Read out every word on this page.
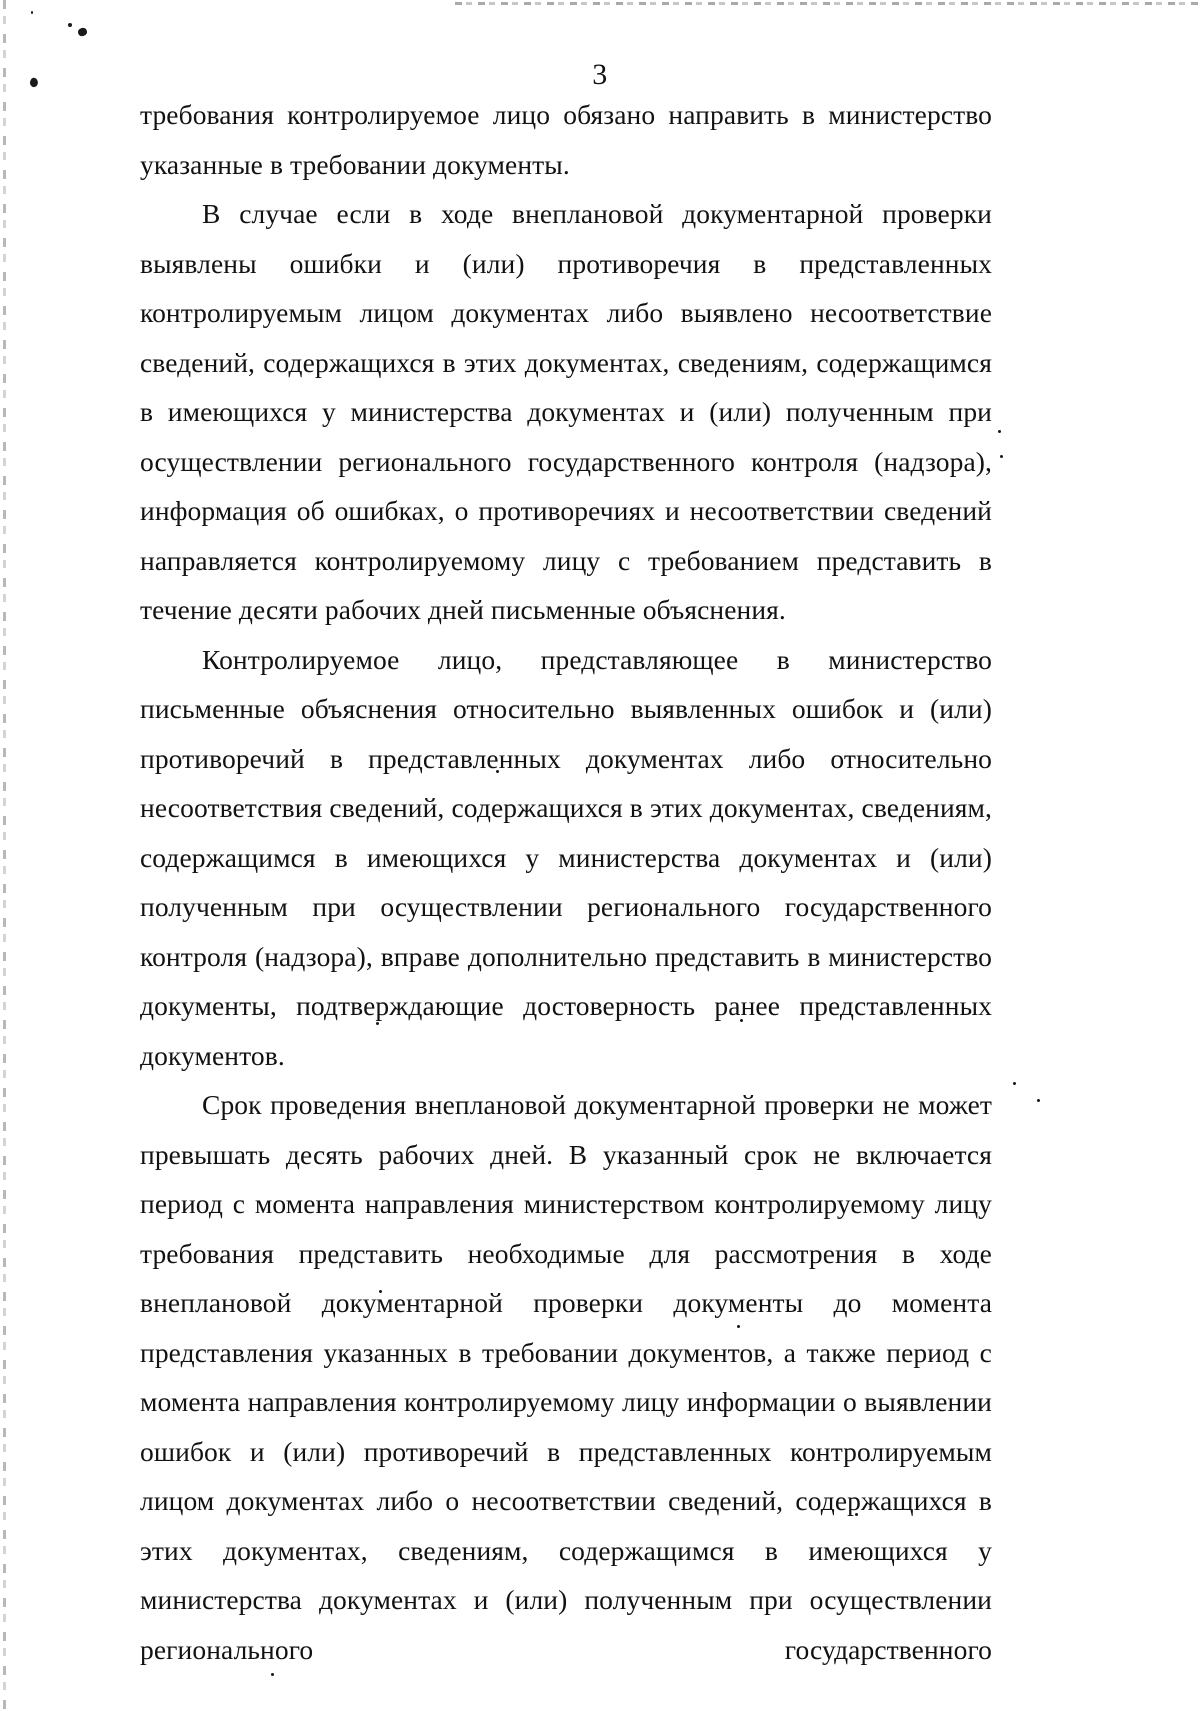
3

требования контролируемое лицо обязано направить в министерство указанные в требовании документы.

В случае если в ходе внеплановой документарной проверки выявлены ошибки и (или) противоречия в представленных контролируемым лицом документах либо выявлено несоответствие сведений, содержащихся в этих документах, сведениям, содержащимся в имеющихся у министерства документах и (или) полученным при осуществлении регионального государственного контроля (надзора), информация об ошибках, о противоречиях и несоответствии сведений направляется контролируемому лицу с требованием представить в течение десяти рабочих дней письменные объяснения.

Контролируемое лицо, представляющее в министерство письменные объяснения относительно выявленных ошибок и (или) противоречий в представленных документах либо относительно несоответствия сведений, содержащихся в этих документах, сведениям, содержащимся в имеющихся у министерства документах и (или) полученным при осуществлении регионального государственного контроля (надзора), вправе дополнительно представить в министерство документы, подтверждающие достоверность ранее представленных документов.

Срок проведения внеплановой документарной проверки не может превышать десять рабочих дней. В указанный срок не включается период с момента направления министерством контролируемому лицу требования представить необходимые для рассмотрения в ходе внеплановой документарной проверки документы до момента представления указанных в требовании документов, а также период с момента направления контролируемому лицу информации о выявлении ошибок и (или) противоречий в представленных контролируемым лицом документах либо о несоответствии сведений, содержащихся в этих документах, сведениям, содержащимся в имеющихся у министерства документах и (или) полученным при осуществлении регионального государственного
